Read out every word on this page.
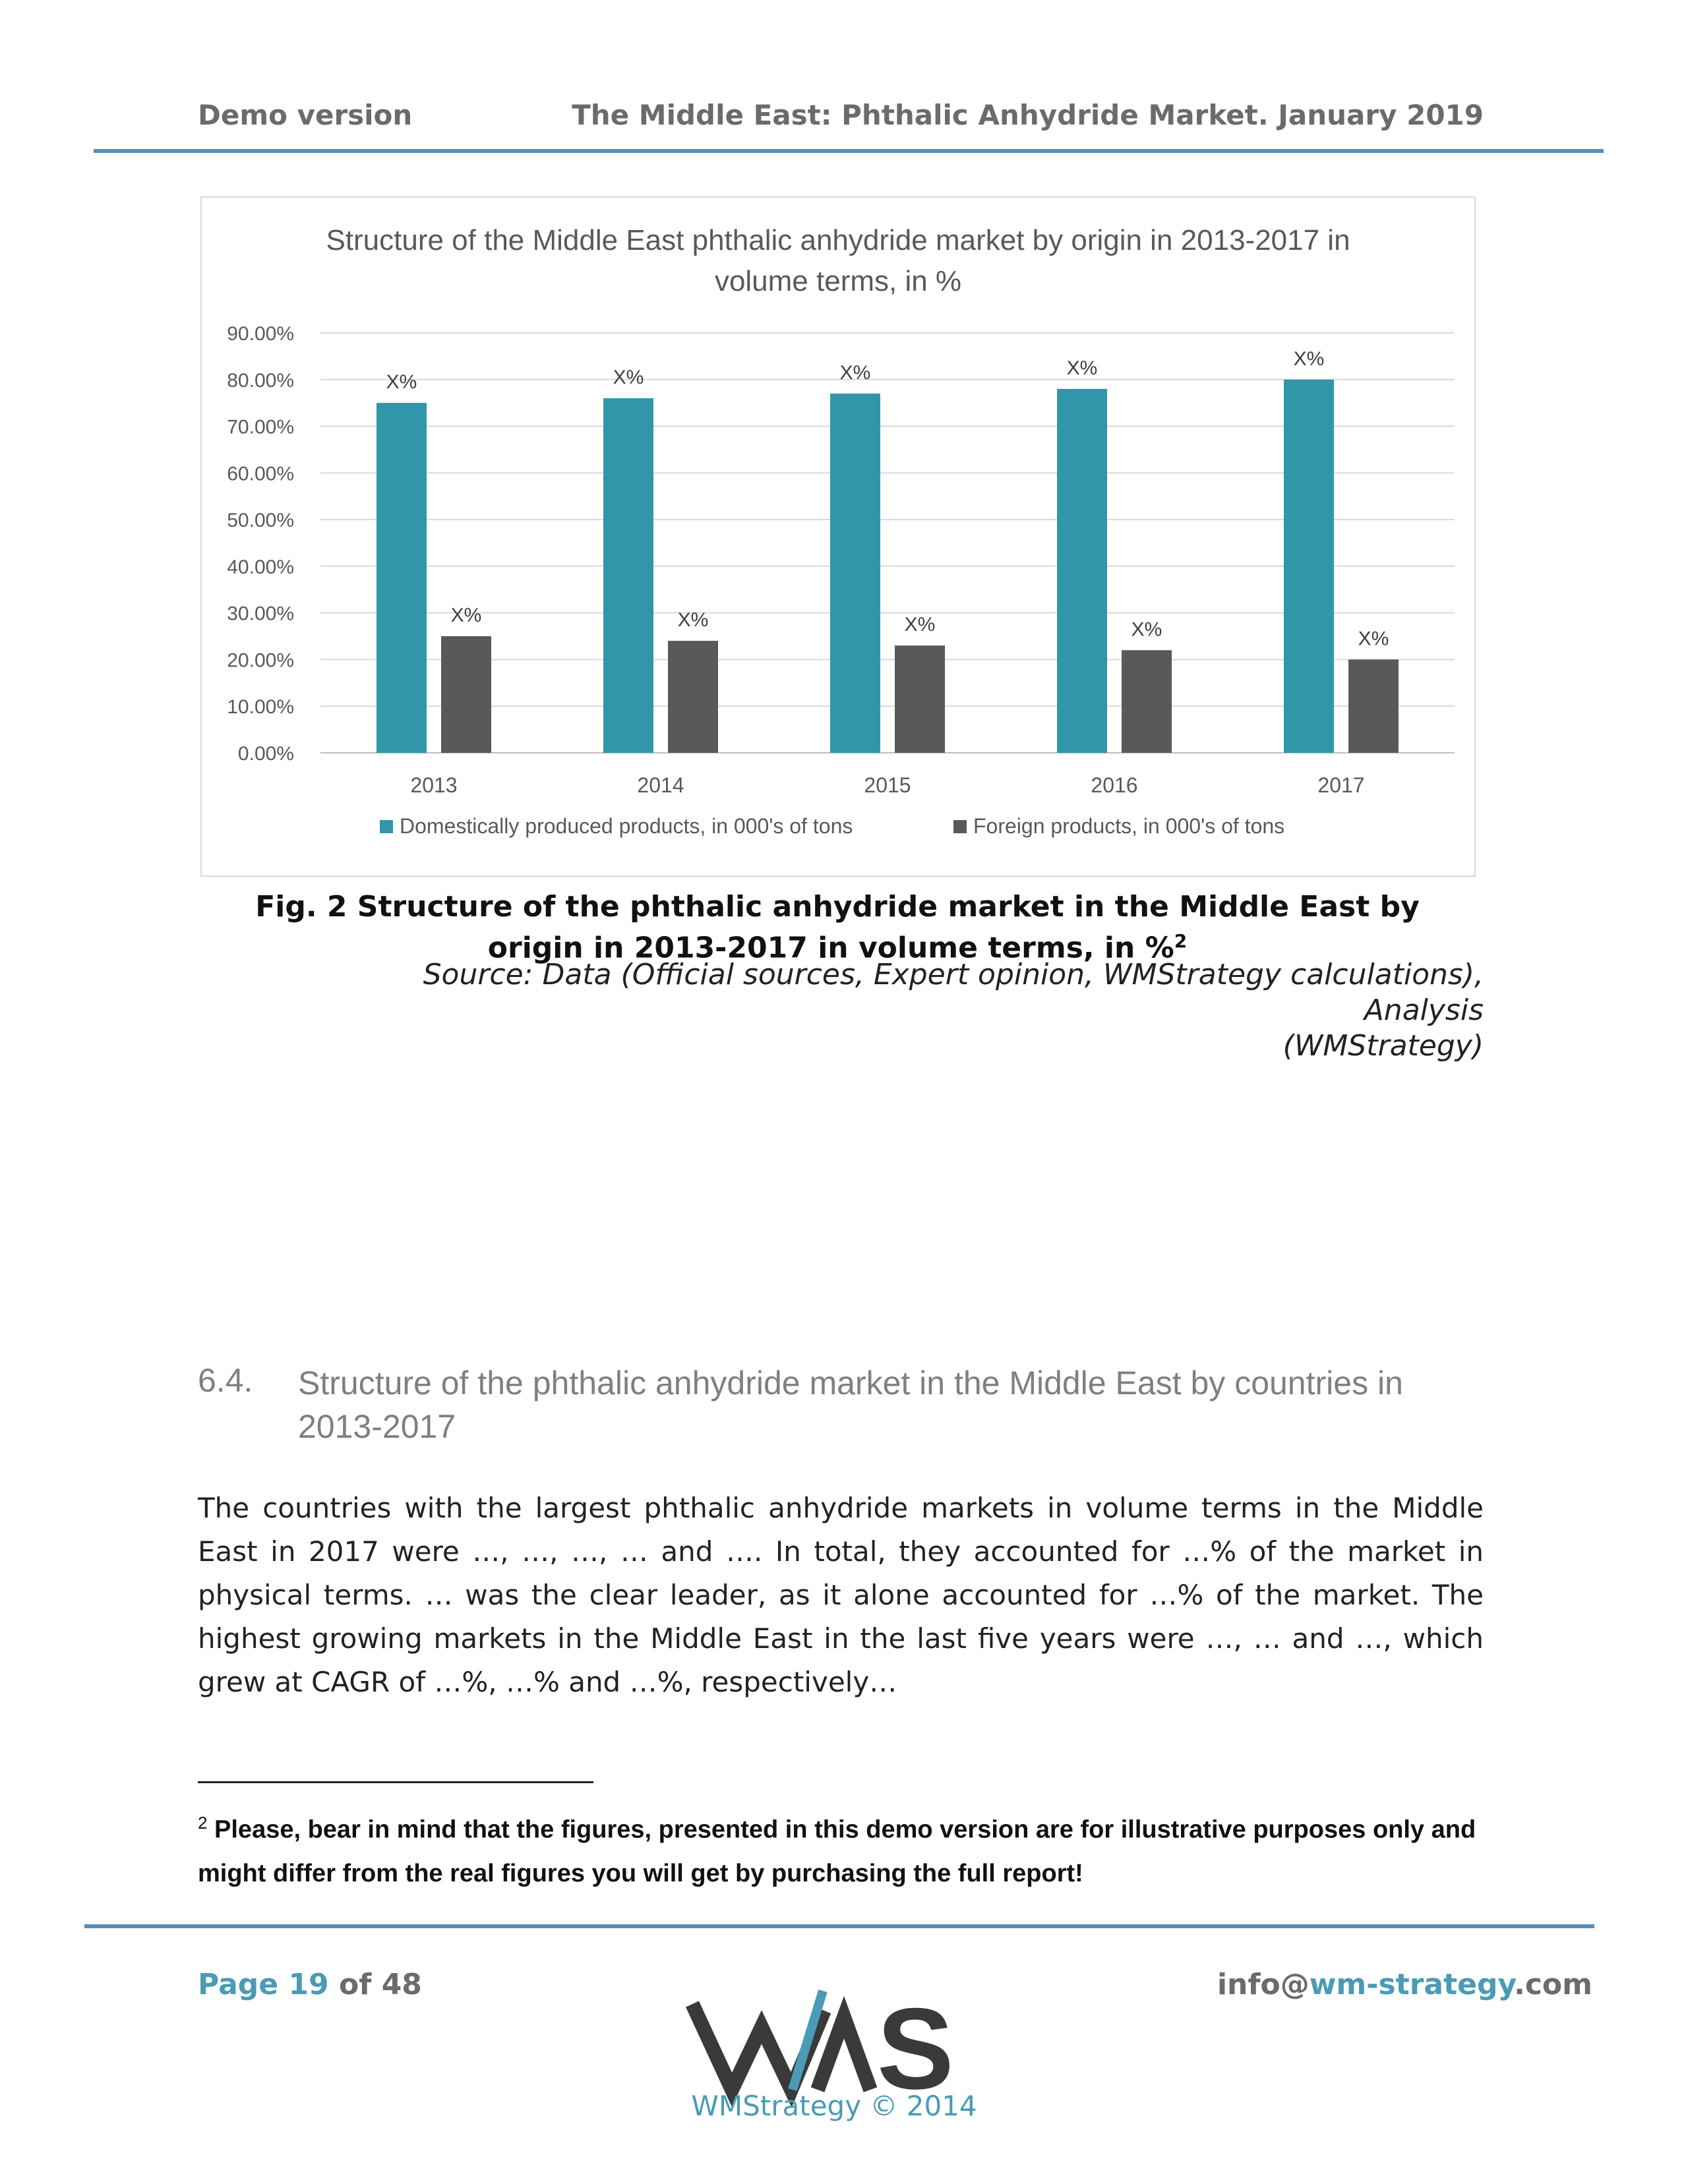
Demo version	The Middle East: Phthalic Anhydride Market. January 2019
Structure of the Middle East phthalic anhydride market by origin in 2013-2017 in volume terms, in %
0.00%
10.00%
20.00%
30.00%
40.00%
50.00%
60.00%
70.00%
80.00%
90.00%
X%
X%
2013
X%
X%
2014
X%
X%
2015
X%
X%
2016
X%
X%
2017
Domestically produced products, in 000's of tons	Foreign products, in 000's of tons
Fig. 2 Structure of the phthalic anhydride market in the Middle East by origin in 2013-2017 in volume terms, in %$^2$
Source: Data (Official sources, Expert opinion, WMStrategy calculations), Analysis
(WMStrategy)
6.4. Structure of the phthalic anhydride market in the Middle East by countries in 2013-2017
The countries with the largest phthalic anhydride markets in volume terms in the Middle East in 2017 were …, …, …, … and …. In total, they accounted for …% of the market in physical terms. … was the clear leader, as it alone accounted for …% of the market. The highest growing markets in the Middle East in the last five years were …, … and …, which grew at CAGR of …%, …% and …%, respectively…
$^2$ Please, bear in mind that the figures, presented in this demo version are for illustrative purposes only and might differ from the real figures you will get by purchasing the full report!
Page 19 of 48	info@wm-strategy.com
S
WMStrategy © 2014
